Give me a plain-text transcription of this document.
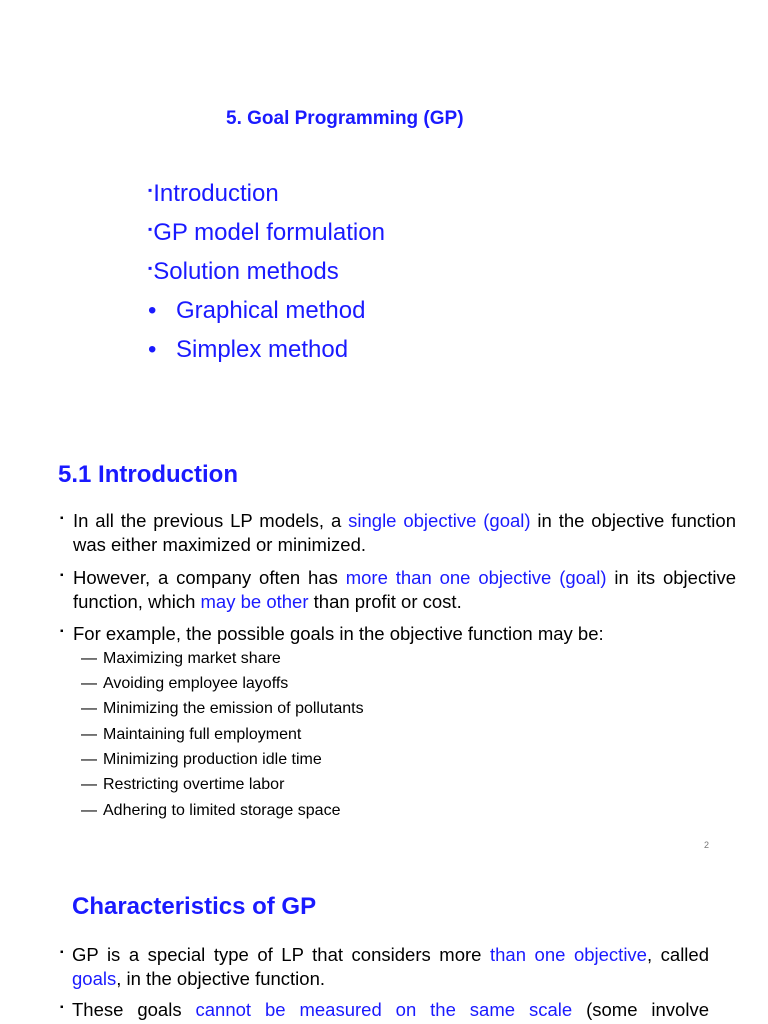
5. Goal Programming (GP)
▪Introduction
▪GP model formulation
▪Solution methods
• Graphical method
• Simplex method
5.1 Introduction
▪ In all the previous LP models, a single objective (goal) in the objective function was either maximized or minimized.
▪ However, a company often has more than one objective (goal) in its objective function, which may be other than profit or cost.
▪ For example, the possible goals in the objective function may be:
— Maximizing market share
— Avoiding employee layoffs
— Minimizing the emission of pollutants
— Maintaining full employment
— Minimizing production idle time
— Restricting overtime labor
— Adhering to limited storage space
2
Characteristics of GP
▪ GP is a special type of LP that considers more than one objective, called goals, in the objective function.
▪ These goals cannot be measured on the same scale (some involve
